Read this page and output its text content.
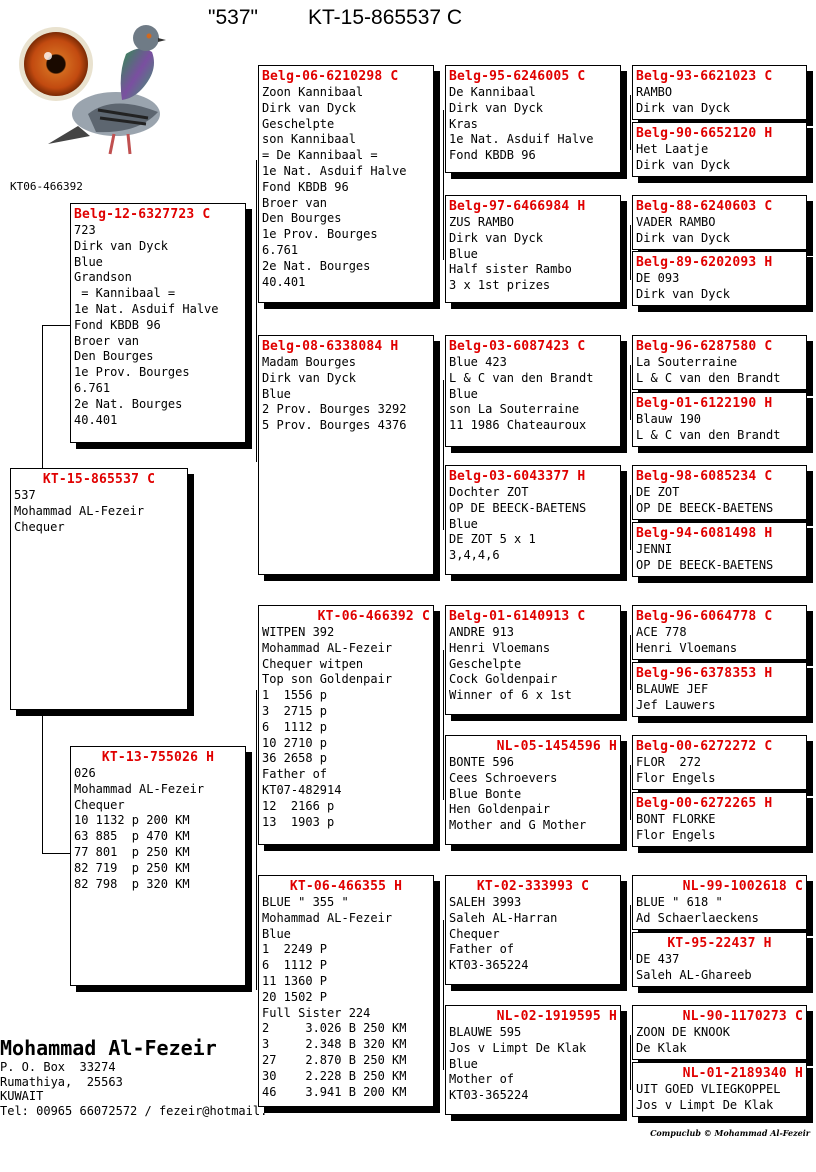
"537" KT-15-865537 C
KT06-466392
KT-15-865537 C
537
Mohammad AL-Fezeir
Chequer
Belg-12-6327723 C
723
Dirk van Dyck
Blue
Grandson
= Kannibaal =
1e Nat. Asduif Halve
Fond KBDB 96
Broer van
Den Bourges
1e Prov. Bourges
6.761
2e Nat. Bourges
40.401
KT-13-755026 H
026
Mohammad AL-Fezeir
Chequer
10 1132 p 200 KM
63 885  p 470 KM
77 801  p 250 KM
82 719  p 250 KM
82 798  p 320 KM
Belg-06-6210298 C
Zoon Kannibaal
Dirk van Dyck
Geschelpte
son Kannibaal
= De Kannibaal =
1e Nat. Asduif Halve
Fond KBDB 96
Broer van
Den Bourges
1e Prov. Bourges
6.761
2e Nat. Bourges
40.401
Belg-08-6338084 H
Madam Bourges
Dirk van Dyck
Blue
2 Prov. Bourges 3292
5 Prov. Bourges 4376
KT-06-466392 C
WITPEN 392
Mohammad AL-Fezeir
Chequer witpen
Top son Goldenpair
1  1556 p
3  2715 p
6  1112 p
10 2710 p
36 2658 p
Father of
KT07-482914
12  2166 p
13  1903 p
KT-06-466355 H
BLUE " 355 "
Mohammad AL-Fezeir
Blue
1  2249 P
6  1112 P
11 1360 P
20 1502 P
Full Sister 224
2     3.026 B 250 KM
3     2.348 B 320 KM
27    2.870 B 250 KM
30    2.228 B 250 KM
46    3.941 B 200 KM
Belg-95-6246005 C
De Kannibaal
Dirk van Dyck
Kras
1e Nat. Asduif Halve
Fond KBDB 96
Belg-97-6466984 H
ZUS RAMBO
Dirk van Dyck
Blue
Half sister Rambo
3 x 1st prizes
Belg-03-6087423 C
Blue 423
L & C van den Brandt
Blue
son La Souterraine
11 1986 Chateauroux
Belg-03-6043377 H
Dochter ZOT
OP DE BEECK-BAETENS
Blue
DE ZOT 5 x 1
3,4,4,6
Belg-01-6140913 C
ANDRE 913
Henri Vloemans
Geschelpte
Cock Goldenpair
Winner of 6 x 1st
NL-05-1454596 H
BONTE 596
Cees Schroevers
Blue Bonte
Hen Goldenpair
Mother and G Mother
KT-02-333993 C
SALEH 3993
Saleh AL-Harran
Chequer
Father of
KT03-365224
NL-02-1919595 H
BLAUWE 595
Jos v Limpt De Klak
Blue
Mother of
KT03-365224
Belg-93-6621023 C
RAMBO
Dirk van Dyck
Belg-90-6652120 H
Het Laatje
Dirk van Dyck
Belg-88-6240603 C
VADER RAMBO
Dirk van Dyck
Belg-89-6202093 H
DE 093
Dirk van Dyck
Belg-96-6287580 C
La Souterraine
L & C van den Brandt
Belg-01-6122190 H
Blauw 190
L & C van den Brandt
Belg-98-6085234 C
DE ZOT
OP DE BEECK-BAETENS
Belg-94-6081498 H
JENNI
OP DE BEECK-BAETENS
Belg-96-6064778 C
ACE 778
Henri Vloemans
Belg-96-6378353 H
BLAUWE JEF
Jef Lauwers
Belg-00-6272272 C
FLOR  272
Flor Engels
Belg-00-6272265 H
BONT FLORKE
Flor Engels
NL-99-1002618 C
BLUE " 618 "
Ad Schaerlaeckens
KT-95-22437 H
DE 437
Saleh AL-Ghareeb
NL-90-1170273 C
ZOON DE KNOOK
De Klak
NL-01-2189340 H
UIT GOED VLIEGKOPPEL
Jos v Limpt De Klak
Mohammad Al-Fezeir
P. O. Box  33274
Rumathiya,  25563
KUWAIT
Tel: 00965 66072572 / fezeir@hotmail.
Compuclub © Mohammad Al-Fezeir
